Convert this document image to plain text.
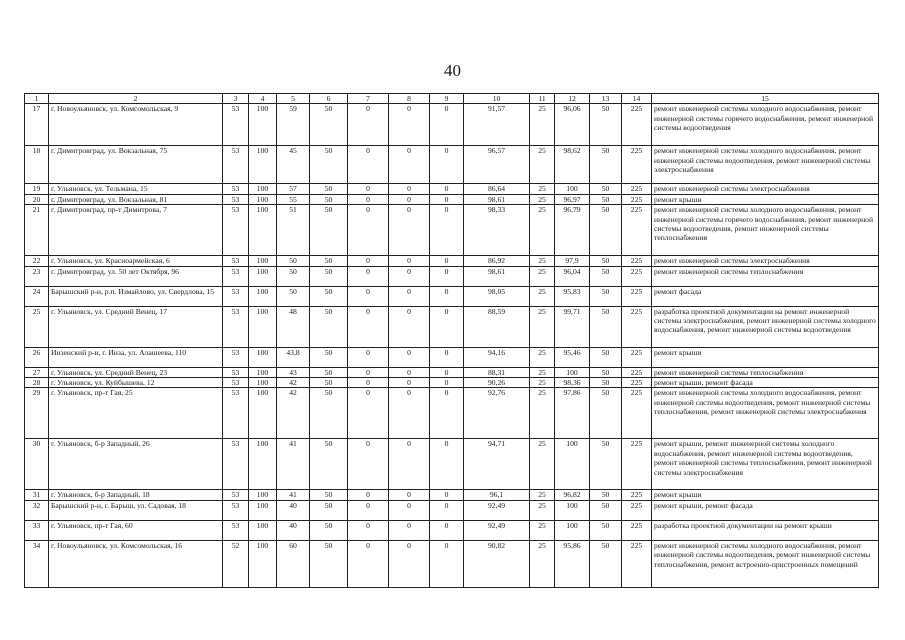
40
1	2	3	4	5	6	7	8	9	10	11	12	13	14	15
17	г. Новоульяновск, ул. Комсомольская, 9	53	100	59	50	0	0	0	91,57	25	96,06	50	225	ремонт инженерной системы холодного водоснабжения, ремонт инженерной системы горячего водоснабжения, ремонт инженерной системы водоотведения
18	г. Димитровград, ул. Вокзальная, 75	53	100	45	50	0	0	0	96,57	25	98,62	50	225	ремонт инженерной системы холодного водоснабжения, ремонт инженерной системы водоотведения, ремонт инженерной системы электроснабжения
19	г. Ульяновск, ул. Тельмана, 15	53	100	57	50	0	0	0	86,64	25	100	50	225	ремонт инженерной системы электроснабжения
20	г. Димитровград, ул. Вокзальная, 81	53	100	55	50	0	0	0	98,61	25	96,97	50	225	ремонт крыши
21	г. Димитровград, пр-т Димитрова, 7	53	100	51	50	0	0	0	98,33	25	96,79	50	225	ремонт инженерной системы холодного водоснабжения, ремонт инженерной системы горячего водоснабжения, ремонт инженерной системы водоотведения, ремонт инженерной системы теплоснабжения
22	г. Ульяновск, ул. Красноармейская, 6	53	100	50	50	0	0	0	86,92	25	97,9	50	225	ремонт инженерной системы электроснабжения
23	г. Димитровград, ул. 50 лет Октября, 96	53	100	50	50	0	0	0	98,61	25	96,04	50	225	ремонт инженерной системы теплоснабжения
24	Барышский р-н, р.п. Измайлово, ул. Свердлова, 15	53	100	50	50	0	0	0	98,05	25	95,83	50	225	ремонт фасада
25	г. Ульяновск, ул. Средний Венец, 17	53	100	48	50	0	0	0	88,59	25	99,71	50	225	разработка проектной документации на ремонт инженерной системы электроснабжения, ремонт инженерной системы холодного водоснабжения, ремонт инженерной системы водоотведения
26	Инзенский р-н, г. Инза, ул. Алашеева, 110	53	100	43,8	50	0	0	0	94,16	25	95,46	50	225	ремонт крыши
27	г. Ульяновск, ул. Средний Венец, 23	53	100	43	50	0	0	0	88,31	25	100	50	225	ремонт инженерной системы теплоснабжения
28	г. Ульяновск, ул. Куйбышева, 12	53	100	42	50	0	0	0	90,26	25	98,36	50	225	ремонт крыши, ремонт фасада
29	г. Ульяновск, пр-т Гая, 25	53	100	42	50	0	0	0	92,76	25	97,86	50	225	ремонт инженерной системы холодного водоснабжения, ремонт инженерной системы водоотведения, ремонт инженерной системы теплоснабжения, ремонт инженерной системы электроснабжения
30	г. Ульяновск, б-р Западный, 26	53	100	41	50	0	0	0	94,71	25	100	50	225	ремонт крыши, ремонт инженерной системы холодного водоснабжения, ремонт инженерной системы водоотведения, ремонт инженерной системы теплоснабжения, ремонт инженерной системы электроснабжения
31	г. Ульяновск, б-р Западный, 18	53	100	41	50	0	0	0	96,1	25	96,82	50	225	ремонт крыши
32	Барышский р-н, г. Барыш, ул. Садовая, 18	53	100	40	50	0	0	0	92,49	25	100	50	225	ремонт крыши, ремонт фасада
33	г. Ульяновск, пр-т Гая, 60	53	100	40	50	0	0	0	92,49	25	100	50	225	разработка проектной документации на ремонт крыши
34	г. Новоульяновск, ул. Комсомольская, 16	52	100	60	50	0	0	0	90,82	25	95,86	50	225	ремонт инженерной системы холодного водоснабжения, ремонт инженерной системы водоотведения, ремонт инженерной системы теплоснабжения, ремонт встроенно-пристроенных помещений
